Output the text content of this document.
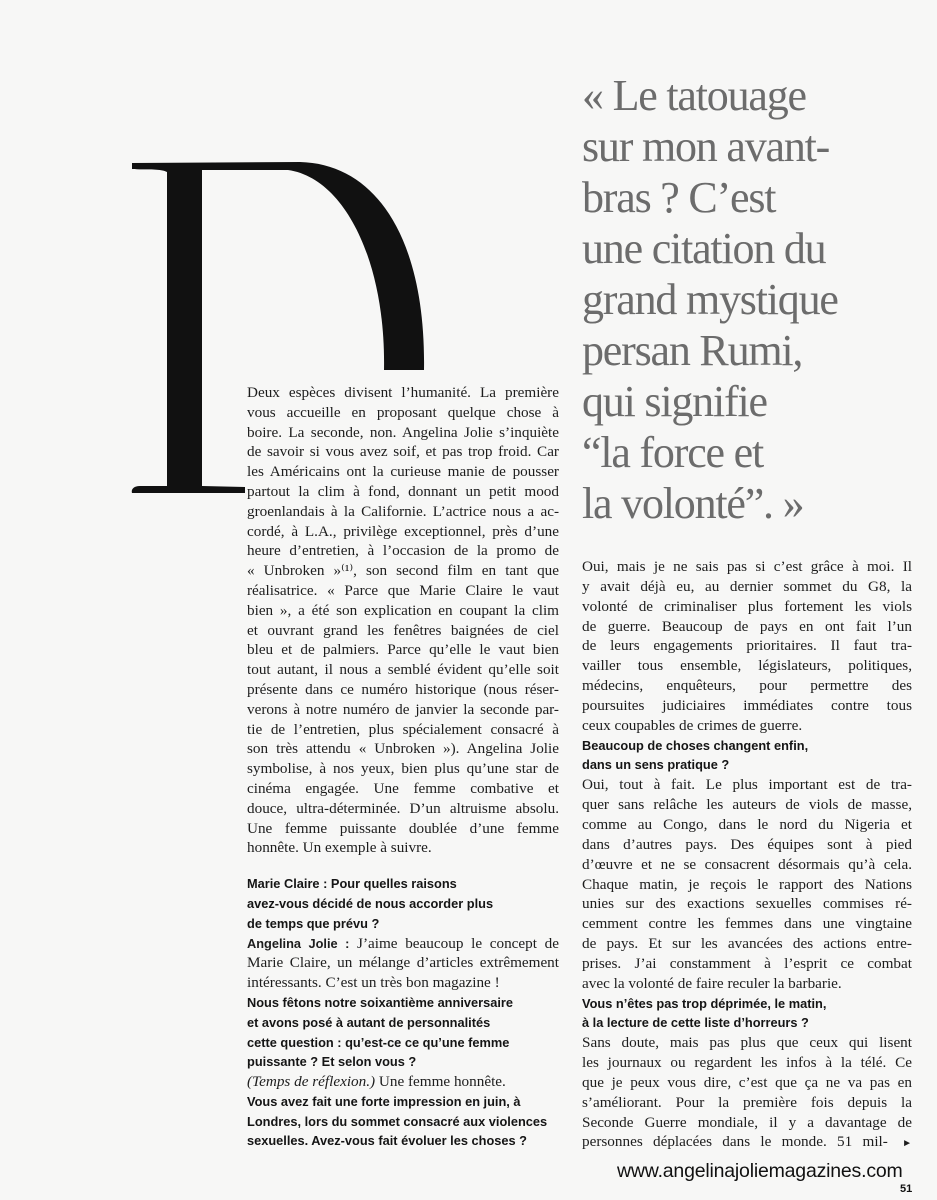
« Le tatouage
sur mon avant-
bras ? C’est
une citation du
grand mystique
persan Rumi,
qui signifie
“la force et
la volonté”. »
Deux espèces divisent l’humanité. La première
vous accueille en proposant quelque chose à
boire. La seconde, non. Angelina Jolie s’inquiète
de savoir si vous avez soif, et pas trop froid. Car
les Américains ont la curieuse manie de pousser
partout la clim à fond, donnant un petit mood
groenlandais à la Californie. L’actrice nous a ac-
cordé, à L.A., privilège exceptionnel, près d’une
heure d’entretien, à l’occasion de la promo de
« Unbroken »⁽¹⁾, son second film en tant que
réalisatrice. « Parce que Marie Claire le vaut
bien », a été son explication en coupant la clim
et ouvrant grand les fenêtres baignées de ciel
bleu et de palmiers. Parce qu’elle le vaut bien
tout autant, il nous a semblé évident qu’elle soit
présente dans ce numéro historique (nous réser-
verons à notre numéro de janvier la seconde par-
tie de l’entretien, plus spécialement consacré à
son très attendu « Unbroken »). Angelina Jolie
symbolise, à nos yeux, bien plus qu’une star de
cinéma engagée. Une femme combative et
douce, ultra-déterminée. D’un altruisme absolu.
Une femme puissante doublée d’une femme
honnête. Un exemple à suivre.
Marie Claire : Pour quelles raisons
avez-vous décidé de nous accorder plus
de temps que prévu ?
Angelina Jolie : J’aime beaucoup le concept de
Marie Claire, un mélange d’articles extrêmement
intéressants. C’est un très bon magazine !
Nous fêtons notre soixantième anniversaire
et avons posé à autant de personnalités
cette question : qu’est-ce ce qu’une femme
puissante ? Et selon vous ?
(Temps de réflexion.) Une femme honnête.
Vous avez fait une forte impression en juin, à
Londres, lors du sommet consacré aux violences
sexuelles. Avez-vous fait évoluer les choses ?
Oui, mais je ne sais pas si c’est grâce à moi. Il
y avait déjà eu, au dernier sommet du G8, la
volonté de criminaliser plus fortement les viols
de guerre. Beaucoup de pays en ont fait l’un
de leurs engagements prioritaires. Il faut tra-
vailler tous ensemble, législateurs, politiques,
médecins, enquêteurs, pour permettre des
poursuites judiciaires immédiates contre tous
ceux coupables de crimes de guerre.
Beaucoup de choses changent enfin,
dans un sens pratique ?
Oui, tout à fait. Le plus important est de tra-
quer sans relâche les auteurs de viols de masse,
comme au Congo, dans le nord du Nigeria et
dans d’autres pays. Des équipes sont à pied
d’œuvre et ne se consacrent désormais qu’à cela.
Chaque matin, je reçois le rapport des Nations
unies sur des exactions sexuelles commises ré-
cemment contre les femmes dans une vingtaine
de pays. Et sur les avancées des actions entre-
prises. J’ai constamment à l’esprit ce combat
avec la volonté de faire reculer la barbarie.
Vous n’êtes pas trop déprimée, le matin,
à la lecture de cette liste d’horreurs ?
Sans doute, mais pas plus que ceux qui lisent
les journaux ou regardent les infos à la télé. Ce
que je peux vous dire, c’est que ça ne va pas en
s’améliorant. Pour la première fois depuis la
Seconde Guerre mondiale, il y a davantage de
personnes déplacées dans le monde. 51 mil- ►
www.angelinajoliemagazines.com
51
